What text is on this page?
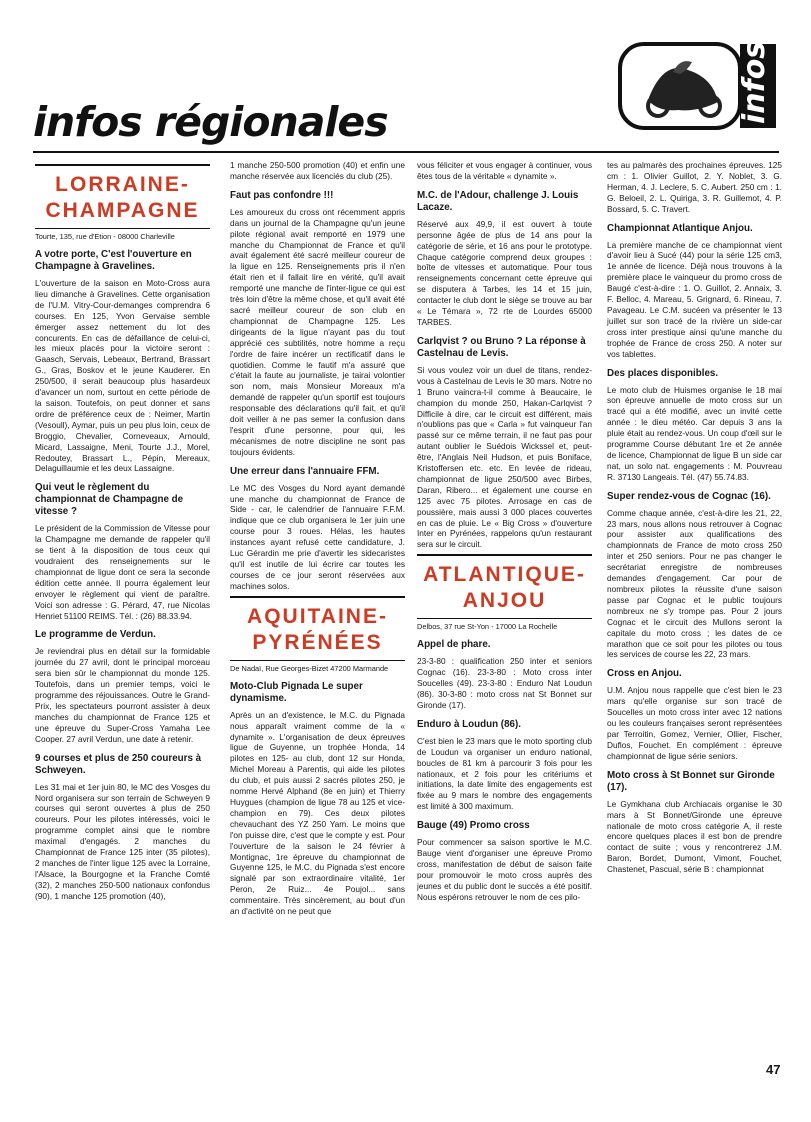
infos
infos régionales
LORRAINE-
CHAMPAGNE

Tourte, 135, rue d'Etion - 08000 Charleville

A votre porte, C'est l'ouverture en Champagne à Gravelines.

L'ouverture de la saison en Moto-Cross aura lieu dimanche à Gravelines. Cette organisation de l'U.M. Vitry-Cour-demanges comprendra 6 courses. En 125, Yvon Gervaise semble émerger assez nettement du lot des concurents. En cas de défaillance de celui-ci, les mieux placés pour la victoire seront : Gaasch, Servais, Lebeaux, Bertrand, Brassart G., Gras, Boskov et le jeune Kauderer. En 250/500, il serait beaucoup plus hasardeux d'avancer un nom, surtout en cette période de la saison. Toutefois, on peut donner et sans ordre de préférence ceux de : Neimer, Martin (Vesoull), Aymar, puis un peu plus loin, ceux de Broggio, Chevalier, Corneveaux, Arnould, Micard, Lassaigne, Meni, Tourte J.J., Morel, Redoutey, Brassart L., Pépin, Mereaux, Delaguillaumie et les deux Lassaigne.

Qui veut le règlement du championnat de Champagne de vitesse ?

Le président de la Commission de Vitesse pour la Champagne me demande de rappeler qu'il se tient à la disposition de tous ceux qui voudraient des renseignements sur le championnat de ligue dont ce sera la seconde édition cette année. Il pourra également leur envoyer le règlement qui vient de paraître. Voici son adresse : G. Pérard, 47, rue Nicolas Henriet 51100 REIMS. Tél. : (26) 88.33.94.

Le programme de Verdun.

Je reviendrai plus en détail sur la formidable journée du 27 avril, dont le principal morceau sera bien sûr le championnat du monde 125. Toutefois, dans un premier temps, voici le programme des réjouissances. Outre le Grand-Prix, les spectateurs pourront assister à deux manches du championnat de France 125 et une épreuve du Super-Cross Yamaha Lee Cooper. 27 avril Verdun, une date à retenir.

9 courses et plus de 250 coureurs à Schweyen.

Les 31 mai et 1er juin 80, le MC des Vosges du Nord organisera sur son terrain de Schweyen 9 courses qui seront ouvertes à plus de 250 coureurs. Pour les pilotes intéressés, voici le programme complet ainsi que le nombre maximal d'engagés. 2 manches du Championnat de France 125 inter (35 pilotes), 2 manches de l'inter ligue 125 avec la Lorraine, l'Alsace, la Bourgogne et la Franche Comté (32), 2 manches 250-500 nationaux confondus (90), 1 manche 125 promotion (40),

1 manche 250-500 promotion (40) et enfin une manche réservée aux licenciés du club (25).

Faut pas confondre !!!

Les amoureux du cross ont récemment appris dans un journal de la Champagne qu'un jeune pilote régional avait remporté en 1979 une manche du Championnat de France et qu'il avait également été sacré meilleur coureur de la ligue en 125. Renseignements pris il n'en était rien et il fallait lire en vérité, qu'il avait remporté une manche de l'inter-ligue ce qui est très loin d'être la même chose, et qu'il avait été sacré meilleur coureur de son club en championnat de Champagne 125. Les dirigeants de la ligue n'ayant pas du tout apprécié ces subtilités, notre homme a reçu l'ordre de faire incérer un rectificatif dans le quotidien. Comme le fautif m'a assuré que c'était la faute au journaliste, je tairai volontier son nom, mais Monsieur Moreaux m'a demandé de rappeler qu'un sportif est toujours responsable des déclarations qu'il fait, et qu'il doit veiller à ne pas semer la confusion dans l'esprit d'une personne, pour qui, les mécanismes de notre discipline ne sont pas toujours évidents.

Une erreur dans l'annuaire FFM.

Le MC des Vosges du Nord ayant demandé une manche du championnat de France de Side - car, le calendrier de l'annuaire F.F.M. indique que ce club organisera le 1er juin une course pour 3 roues. Hélas, les hautes instances ayant refusé cette candidature, J. Luc Gérardin me prie d'avertir les sidecaristes qu'il est inutile de lui écrire car toutes les courses de ce jour seront réservées aux machines solos.

AQUITAINE-
PYRÉNÉES

De Nadaï, Rue Georges-Bizet 47200 Marmande

Moto-Club Pignada Le super dynamisme.

Après un an d'existence, le M.C. du Pignada nous apparaît vraiment comme de la « dynamite ». L'organisation de deux épreuves ligue de Guyenne, un trophée Honda, 14 pilotes en 125- au club, dont 12 sur Honda, Michel Moreau à Parentis, qui aide les pilotes du club, et puis aussi 2 sacrés pilotes 250, je nomme Hervé Alphand (8e en juin) et Thierry Huygues (champion de ligue 78 au 125 et vice-champion en 79). Ces deux pilotes chevauchant des YZ 250 Yam. Le moins que l'on puisse dire, c'est que le compte y est. Pour l'ouverture de la saison le 24 février à Montignac, 1re épreuve du championnat de Guyenne 125, le M.C. du Pignada s'est encore signalé par son extraordinaire vitalité, 1er Peron, 2e Ruiz... 4e Poujol... sans commentaire. Très sincèrement, au bout d'un an d'activité on ne peut que

vous féliciter et vous engager à continuer, vous êtes tous de la véritable « dynamite ».

M.C. de l'Adour, challenge J. Louis Lacaze.

Réservé aux 49,9, il est ouvert à toute personne âgée de plus de 14 ans pour la catégorie de série, et 16 ans pour le prototype. Chaque catégorie comprend deux groupes : boîte de vitesses et automatique. Pour tous renseignements concernant cette épreuve qui se disputera à Tarbes, les 14 et 15 juin, contacter le club dont le siège se trouve au bar « Le Témara », 72 rte de Lourdes 65000 TARBES.

Carlqvist ? ou Bruno ? La réponse à Castelnau de Levis.

Si vous voulez voir un duel de titans, rendez-vous à Castelnau de Levis le 30 mars. Notre no 1 Bruno vaincra-t-il comme à Beaucaire, le champion du monde 250, Hakan-Carlqvist ? Difficile à dire, car le circuit est différent, mais n'oublions pas que « Carla » fut vainqueur l'an passé sur ce même terrain, il ne faut pas pour autant oublier le Suédois Wickssel et, peut-être, l'Anglais Neil Hudson, et puis Boniface, Kristoffersen etc. etc. En levée de rideau, championnat de ligue 250/500 avec Birbes, Daran, Ribero... et également une course en 125 avec 75 pilotes. Arrosage en cas de poussière, mais aussi 3 000 places couvertes en cas de pluie. Le « Big Cross » d'ouverture Inter en Pyrénées, rappelons qu'un restaurant sera sur le circuit.

ATLANTIQUE-
ANJOU

Delbos, 37 rue St-Yon - 17000 La Rochelle

Appel de phare.

23-3-80 : qualification 250 inter et seniors Cognac (16). 23-3-80 : Moto cross inter Soucelles (49). 23-3-80 : Enduro Nat Loudun (86). 30-3-80 : moto cross nat St Bonnet sur Gironde (17).

Enduro à Loudun (86).

C'est bien le 23 mars que le moto sporting club de Loudun va organiser un enduro national, boucles de 81 km à parcourir 3 fois pour les nationaux, et 2 fois pour les critériums et initiations, la date limite des engagements est fixée au 9 mars le nombre des engagements est limité à 300 maximum.

Bauge (49) Promo cross

Pour commencer sa saison sportive le M.C. Bauge vient d'organiser une épreuve Promo cross, manifestation de début de saison faite pour promouvoir le moto cross auprès des jeunes et du public dont le succès a été positif. Nous espérons retrouver le nom de ces pilo-

tes au palmarès des prochaines épreuves. 125 cm : 1. Olivier Guillot, 2. Y. Noblet, 3. G. Herman, 4. J. Leclere, 5. C. Aubert. 250 cm : 1. G. Beloeil, 2. L. Quiriga, 3. R. Guillemot, 4. P. Bossard, 5. C. Travert.

Championnat Atlantique Anjou.

La première manche de ce championnat vient d'avoir lieu à Sucé (44) pour la série 125 cm3, 1e année de licence. Déjà nous trouvons à la première place le vainqueur du promo cross de Baugé c'est-à-dire : 1. O. Guillot, 2. Annaix, 3. F. Belloc, 4. Mareau, 5. Grignard, 6. Rineau, 7. Pavageau. Le C.M. sucéen va présenter le 13 juillet sur son tracé de la rivière un side-car cross inter prestique ainsi qu'une manche du trophée de France de cross 250. A noter sur vos tablettes.

Des places disponibles.

Le moto club de Huismes organise le 18 mai son épreuve annuelle de moto cross sur un tracé qui a été modifié, avec un invité cette année : le dieu météo. Car depuis 3 ans la pluie était au rendez-vous. Un coup d'œil sur le programme Course débutant 1re et 2e année de licence, Championnat de ligue B un side car nat, un solo nat. engagements : M. Pouvreau R. 37130 Langeais. Tél. (47) 55.74.83.

Super rendez-vous de Cognac (16).

Comme chaque année, c'est-à-dire les 21, 22, 23 mars, nous allons nous retrouver à Cognac pour assister aux qualifications des championnats de France de moto cross 250 inter et 250 seniors. Pour ne pas changer le secrétariat enregistre de nombreuses demandes d'engagement. Car pour de nombreux pilotes la réussite d'une saison passe par Cognac et le public toujours nombreux ne s'y trompe pas. Pour 2 jours Cognac et le circuit des Mullons seront la capitale du moto cross ; les dates de ce marathon que ce soit pour les pilotes ou tous les services de course les 22, 23 mars.

Cross en Anjou.

U.M. Anjou nous rappelle que c'est bien le 23 mars qu'elle organise sur son tracé de Soucelles un moto cross inter avec 12 nations ou les couleurs françaises seront représentées par Terroitin, Gomez, Vernier, Ollier, Fischer, Duflos, Fouchet. En complément : épreuve championnat de ligue série seniors.

Moto cross à St Bonnet sur Gironde (17).

Le Gymkhana club Archiacais organise le 30 mars à St Bonnet/Gironde une épreuve nationale de moto cross catégorie A, il reste encore quelques places il est bon de prendre contact de suite ; vous y rencontrerez J.M. Baron, Bordet, Dumont, Vimont, Fouchet, Chastenet, Pascual, série B : championnat

47
